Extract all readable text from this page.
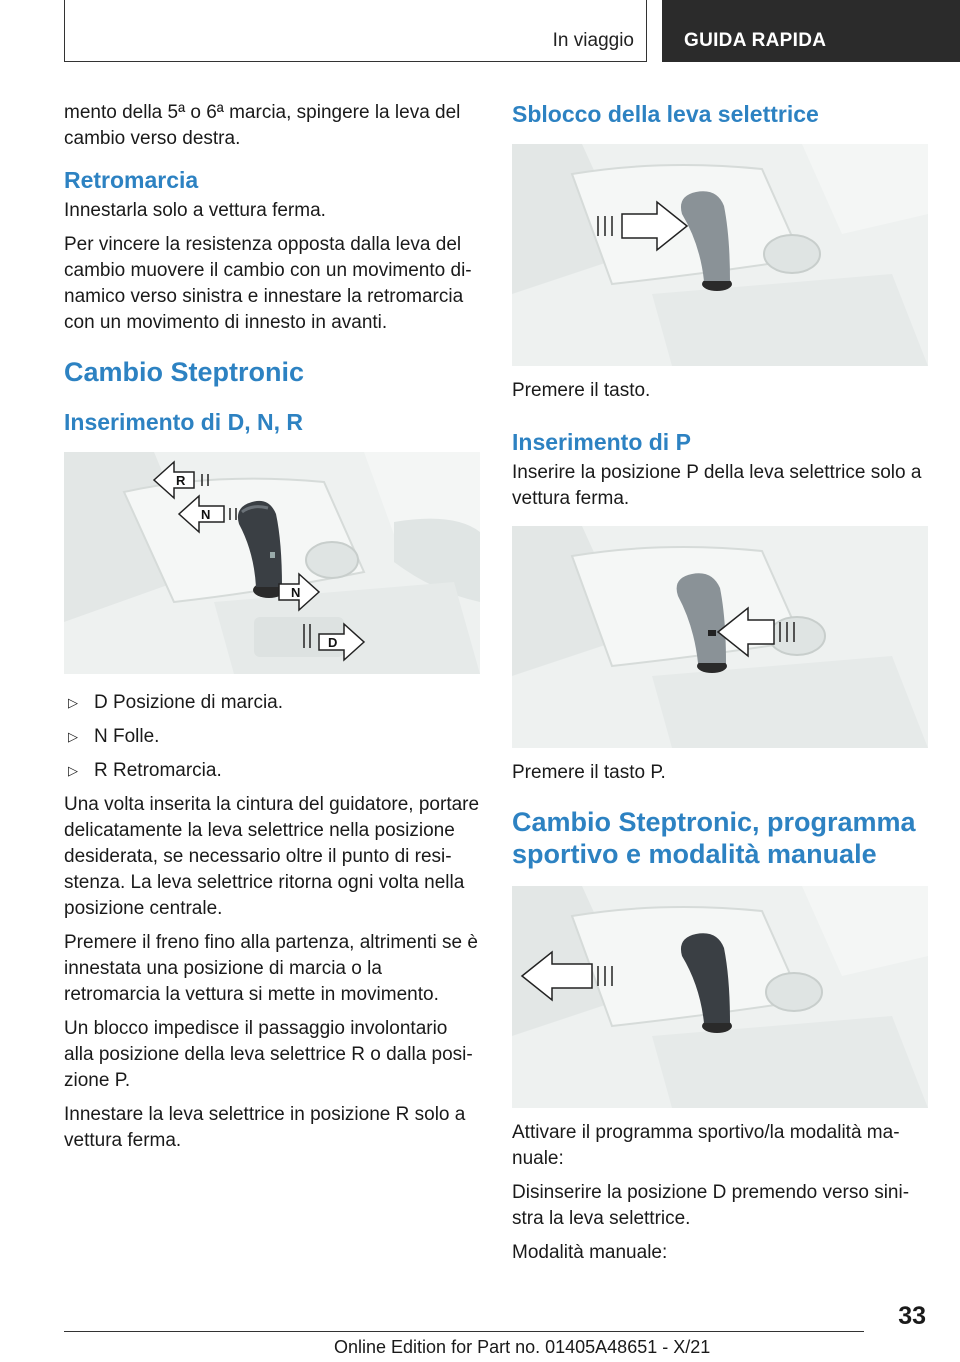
In viaggio	GUIDA RAPIDA

mento della 5ª o 6ª marcia, spingere la leva del cambio verso destra.

Retromarcia

Innestarla solo a vettura ferma.

Per vincere la resistenza opposta dalla leva del cambio muovere il cambio con un movimento di‐namico verso sinistra e innestare la retromarcia con un movimento di innesto in avanti.

Cambio Steptronic
Inserimento di D, N, R
R
N
N
D
▷ D Posizione di marcia.
▷ N Folle.
▷ R Retromarcia.

Una volta inserita la cintura del guidatore, portare delicatamente la leva selettrice nella posizione desiderata, se necessario oltre il punto di resi‐stenza. La leva selettrice ritorna ogni volta nella posizione centrale.

Premere il freno fino alla partenza, altrimenti se è innestata una posizione di marcia o la retromarcia la vettura si mette in movimento.

Un blocco impedisce il passaggio involontario alla posizione della leva selettrice R o dalla posi‐zione P.

Innestare la leva selettrice in posizione R solo a vettura ferma.

Sblocco della leva selettrice

Premere il tasto.

Inserimento di P

Inserire la posizione P della leva selettrice solo a vettura ferma.

Premere il tasto P.

Cambio Steptronic, programma sportivo e modalità manuale

Attivare il programma sportivo/la modalità ma‐nuale:

Disinserire la posizione D premendo verso sini‐stra la leva selettrice.

Modalità manuale:

33
Online Edition for Part no. 01405A48651 - X/21
